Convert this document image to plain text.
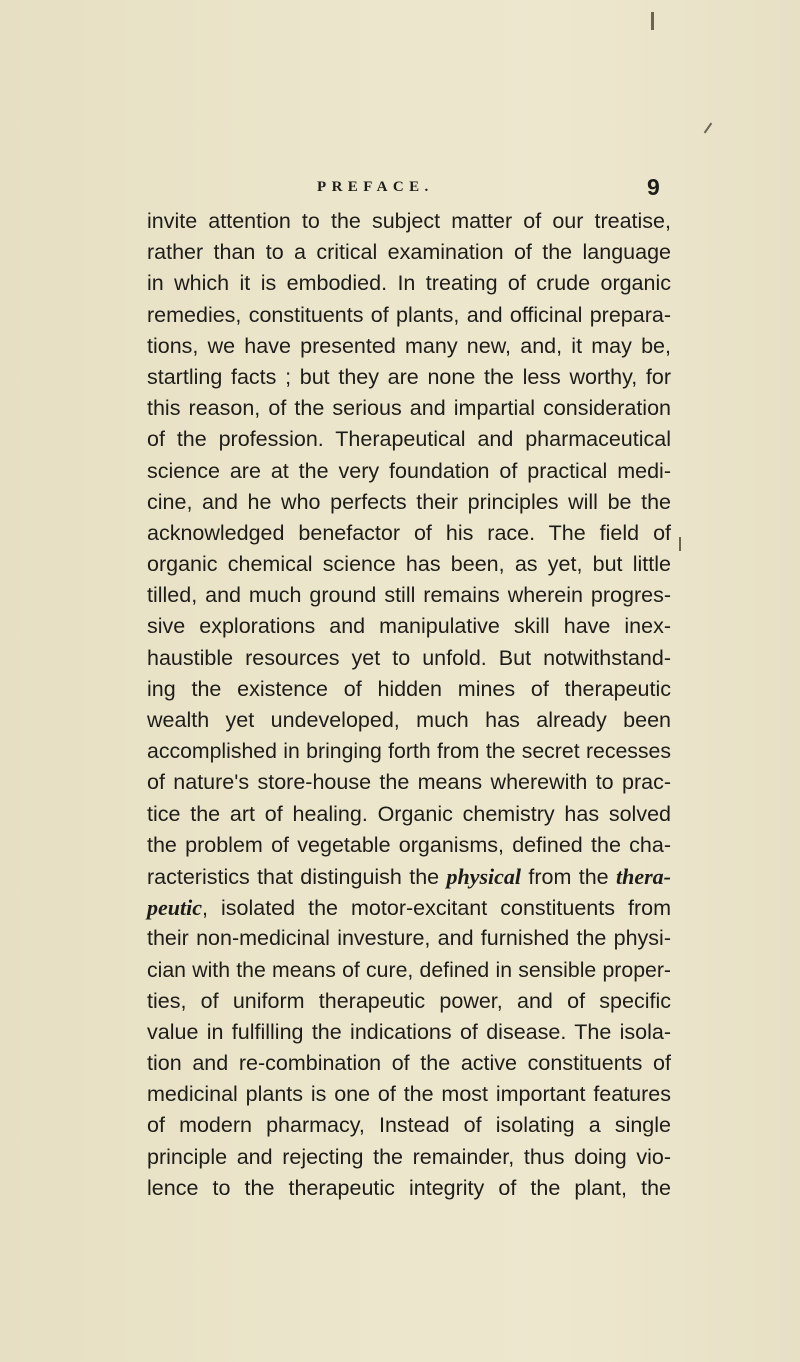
PREFACE.	9
invite attention to the subject matter of our treatise,
rather than to a critical examination of the language
in which it is embodied. In treating of crude organic
remedies, constituents of plants, and officinal prepara-
tions, we have presented many new, and, it may be,
startling facts ; but they are none the less worthy, for
this reason, of the serious and impartial consideration
of the profession. Therapeutical and pharmaceutical
science are at the very foundation of practical medi-
cine, and he who perfects their principles will be the
acknowledged benefactor of his race. The field of
organic chemical science has been, as yet, but little
tilled, and much ground still remains wherein progres-
sive explorations and manipulative skill have inex-
haustible resources yet to unfold. But notwithstand-
ing the existence of hidden mines of therapeutic
wealth yet undeveloped, much has already been
accomplished in bringing forth from the secret recesses
of nature's store-house the means wherewith to prac-
tice the art of healing. Organic chemistry has solved
the problem of vegetable organisms, defined the cha-
racteristics that distinguish the physical from the thera-
peutic, isolated the motor-excitant constituents from
their non-medicinal investure, and furnished the physi-
cian with the means of cure, defined in sensible proper-
ties, of uniform therapeutic power, and of specific
value in fulfilling the indications of disease. The isola-
tion and re-combination of the active constituents of
medicinal plants is one of the most important features
of modern pharmacy, Instead of isolating a single
principle and rejecting the remainder, thus doing vio-
lence to the therapeutic integrity of the plant, the
